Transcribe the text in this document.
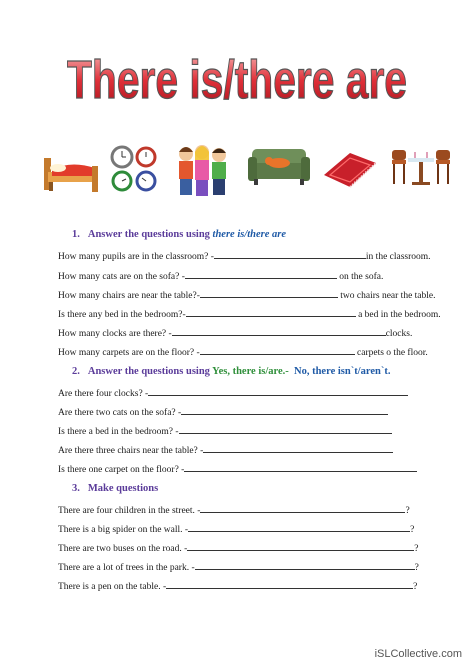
There is/there are
1. Answer the questions using there is/there are
How many pupils are in the classroom? -	in the classroom.
How many cats are on the sofa? -	on the sofa.
How many chairs are near the table?-	two chairs near the table.
Is there any bed in the bedroom?-	a bed in the bedroom.
How many clocks are there? -	clocks.
How many carpets are on the floor? -	carpets o the floor.
2. Answer the questions using Yes, there is/are.- No, there isn`t/aren`t.
Are there four clocks? -
Are there two cats on the sofa? -
Is there a bed in the bedroom? -
Are there three chairs near the table? -
Is there one carpet on the floor? -
3. Make questions
There are four children in the street. -	?
There is a big spider on the wall. -	?
There are two buses on the road. -	?
There are a lot of trees in the park. -	?
There is a pen on the table. -	?
iSLCollective.com
